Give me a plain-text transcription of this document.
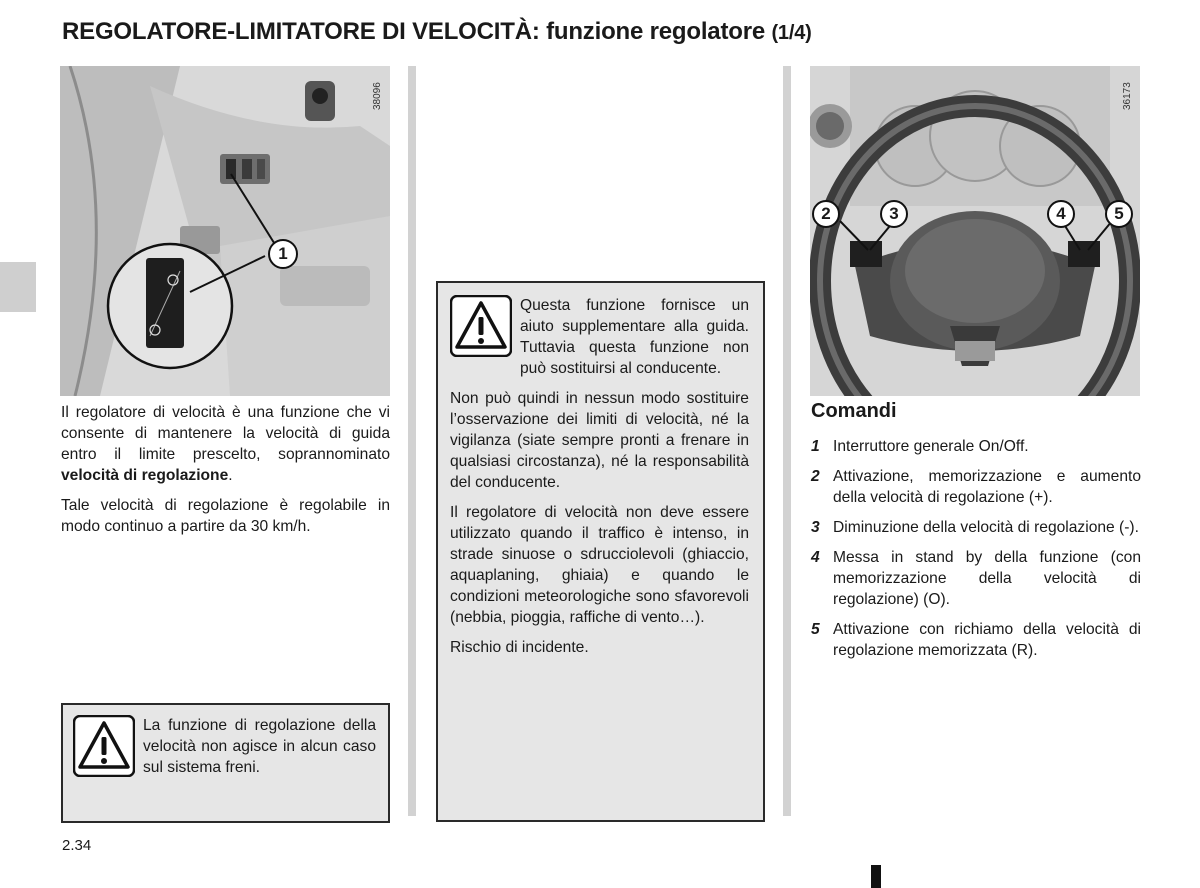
REGOLATORE-LIMITATORE DI VELOCITÀ: funzione regolatore (1/4)
1
38096

Il regolatore di velocità è una funzione che vi consente di mantenere la velocità di guida entro il limite prescelto, soprannominato velocità di regolazione.

Tale velocità di regolazione è regolabile in modo continuo a partire da 30 km/h.

La funzione di regolazione della velocità non agisce in alcun caso sul sistema freni.

Questa funzione fornisce un aiuto supplementare alla guida. Tuttavia questa funzione non può sostituirsi al conducente.

Non può quindi in nessun modo sostituire l’osservazione dei limiti di velocità, né la vigilanza (siate sempre pronti a frenare in qualsiasi circostanza), né la responsabilità del conducente.

Il regolatore di velocità non deve essere utilizzato quando il traffico è intenso, in strade sinuose o sdrucciolevoli (ghiaccio, aquaplaning, ghiaia) e quando le condizioni meteorologiche sono sfavorevoli (nebbia, pioggia, raffiche di vento…).

Rischio di incidente.

2	3	4	5
36173
Comandi
1 Interruttore generale On/Off.
2 Attivazione, memorizzazione e aumento della velocità di regolazione (+).
3 Diminuzione della velocità di regolazione (-).
4 Messa in stand by della funzione (con memorizzazione della velocità di regolazione) (O).
5 Attivazione con richiamo della velocità di regolazione memorizzata (R).
2.34
